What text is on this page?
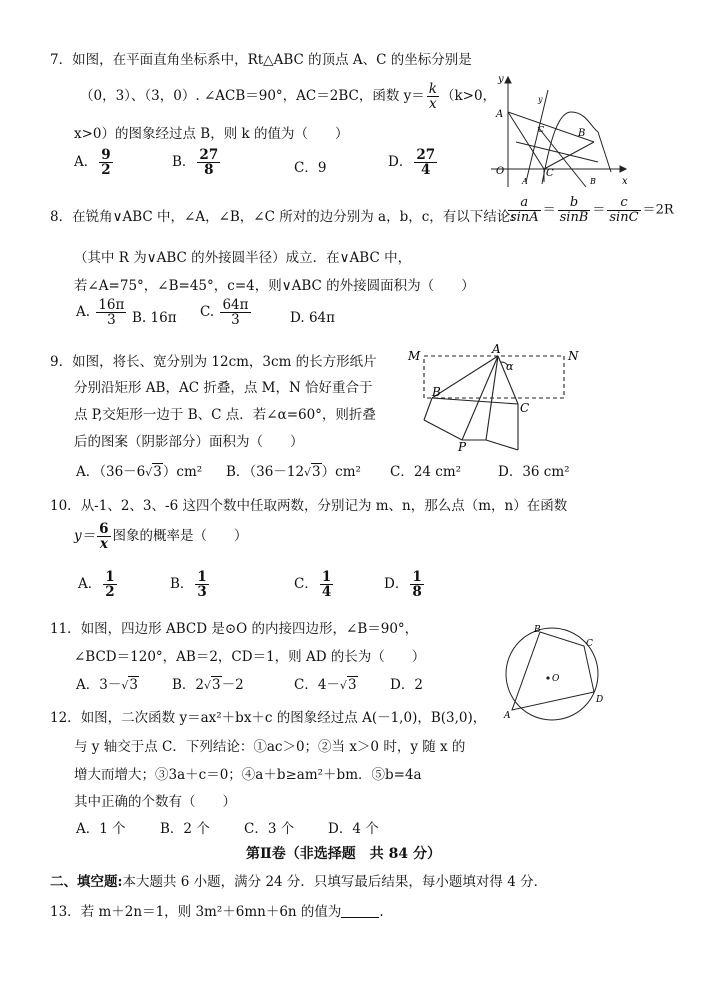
7．如图，在平面直角坐标系中，Rt△ABC 的顶点 A、C 的坐标分别是
（0，3）、（3，0）. ∠ACB＝90°，AC＝2BC，函数 $y= \frac{k}{x} (k>0$，
x>0）的图象经过点 B，则 k 的值为（　　）
A． $\frac{9}{2}$	B． $\frac{27}{8}$	C．9	D． $\frac{27}{4}$
y
x
O
A
A
B
B
C
C
y
8．在锐角∨ABC 中，∠A，∠B，∠C 所对的边分别为 a，b，c，有以下结论:
$\frac{a}{\sin A} = \frac{b}{\sin B} = \frac{c}{\sin C} =2R$
（其中 R 为∨ABC 的外接圆半径）成立．在∨ABC 中，
若∠A=75°，∠B=45°，c=4，则∨ABC 的外接圆面积为（　　）
A. $\frac{16\pi}{3} B$. 16π C. $\frac{64\pi}{3}$	D. 64π
9．如图，将长、宽分别为 12cm，3cm 的长方形纸片
分别沿矩形 AB，AC 折叠，点 M，N 恰好重合于
点 P,交矩形一边于 B、C 点．若∠α=60°，则折叠
后的图案（阴影部分）面积为（　　）
M	N
A
α
B
C
P
A．（36－6√3）cm² B．（36－12√3）cm² C．24 cm²	D．36 cm²
10．从-1、2、3、-6 这四个数中任取两数，分别记为 m、n，那么点（m，n）在函数
$y= \frac{6}{x}$ 图象的概率是（　　）
A． $\frac{1}{2}$	B． $\frac{1}{3}$	C． $\frac{1}{4}$	D． $\frac{1}{8}$
11．如图，四边形 ABCD 是⊙O 的内接四边形，∠B＝90°，
∠BCD＝120°，AB＝2，CD＝1，则 AD 的长为（　　）
A．3－√3	B．2√3－2	C．4－√3 D．2
B
C
D
A
O
12．如图，二次函数 y＝ax²＋bx＋c 的图象经过点 A(－1,0)，B(3,0)，
与 y 轴交于点 C．下列结论：①ac＞0；②当 x＞0 时，y 随 x 的
增大而增大；③3a＋c＝0；④a＋b≥am²＋bm．⑤b=4a
其中正确的个数有（　　）
A．1 个	B．2 个	C．3 个	D．4 个
第Ⅱ卷（非选择题　共 84 分）
二、填空题:本大题共 6 小题，满分 24 分．只填写最后结果，每小题填对得 4 分．
13．若 m＋2n＝1，则 3m²＋6mn＋6n 的值为	.
